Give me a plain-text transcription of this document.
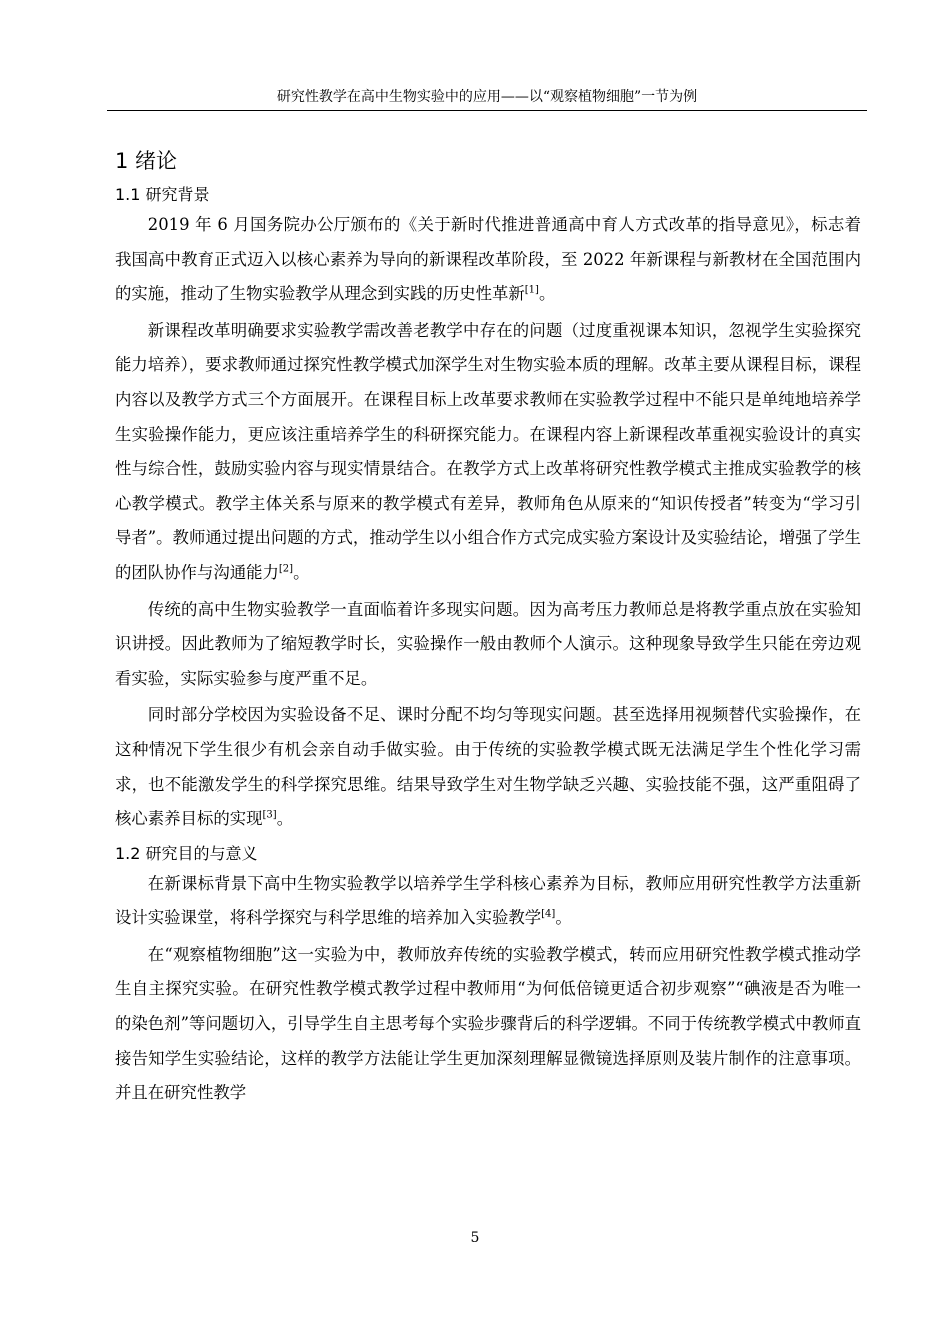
研究性教学在高中生物实验中的应用——以“观察植物细胞”一节为例
1 绪论
1.1 研究背景

2019 年 6 月国务院办公厅颁布的《关于新时代推进普通高中育人方式改革的指导意见》，标志着我国高中教育正式迈入以核心素养为导向的新课程改革阶段，至 2022 年新课程与新教材在全国范围内的实施，推动了生物实验教学从理念到实践的历史性革新[1]。

新课程改革明确要求实验教学需改善老教学中存在的问题（过度重视课本知识，忽视学生实验探究能力培养），要求教师通过探究性教学模式加深学生对生物实验本质的理解。改革主要从课程目标，课程内容以及教学方式三个方面展开。在课程目标上改革要求教师在实验教学过程中不能只是单纯地培养学生实验操作能力，更应该注重培养学生的科研探究能力。在课程内容上新课程改革重视实验设计的真实性与综合性，鼓励实验内容与现实情景结合。在教学方式上改革将研究性教学模式主推成实验教学的核心教学模式。教学主体关系与原来的教学模式有差异，教师角色从原来的“知识传授者”转变为“学习引导者”。教师通过提出问题的方式，推动学生以小组合作方式完成实验方案设计及实验结论，增强了学生的团队协作与沟通能力[2]。

传统的高中生物实验教学一直面临着许多现实问题。因为高考压力教师总是将教学重点放在实验知识讲授。因此教师为了缩短教学时长，实验操作一般由教师个人演示。这种现象导致学生只能在旁边观看实验，实际实验参与度严重不足。

同时部分学校因为实验设备不足、课时分配不均匀等现实问题。甚至选择用视频替代实验操作，在这种情况下学生很少有机会亲自动手做实验。由于传统的实验教学模式既无法满足学生个性化学习需求，也不能激发学生的科学探究思维。结果导致学生对生物学缺乏兴趣、实验技能不强，这严重阻碍了核心素养目标的实现[3]。

1.2 研究目的与意义

在新课标背景下高中生物实验教学以培养学生学科核心素养为目标，教师应用研究性教学方法重新设计实验课堂，将科学探究与科学思维的培养加入实验教学[4]。

在“观察植物细胞”这一实验为中，教师放弃传统的实验教学模式，转而应用研究性教学模式推动学生自主探究实验。在研究性教学模式教学过程中教师用“为何低倍镜更适合初步观察”“碘液是否为唯一的染色剂”等问题切入，引导学生自主思考每个实验步骤背后的科学逻辑。不同于传统教学模式中教师直接告知学生实验结论，这样的教学方法能让学生更加深刻理解显微镜选择原则及装片制作的注意事项。并且在研究性教学

5
